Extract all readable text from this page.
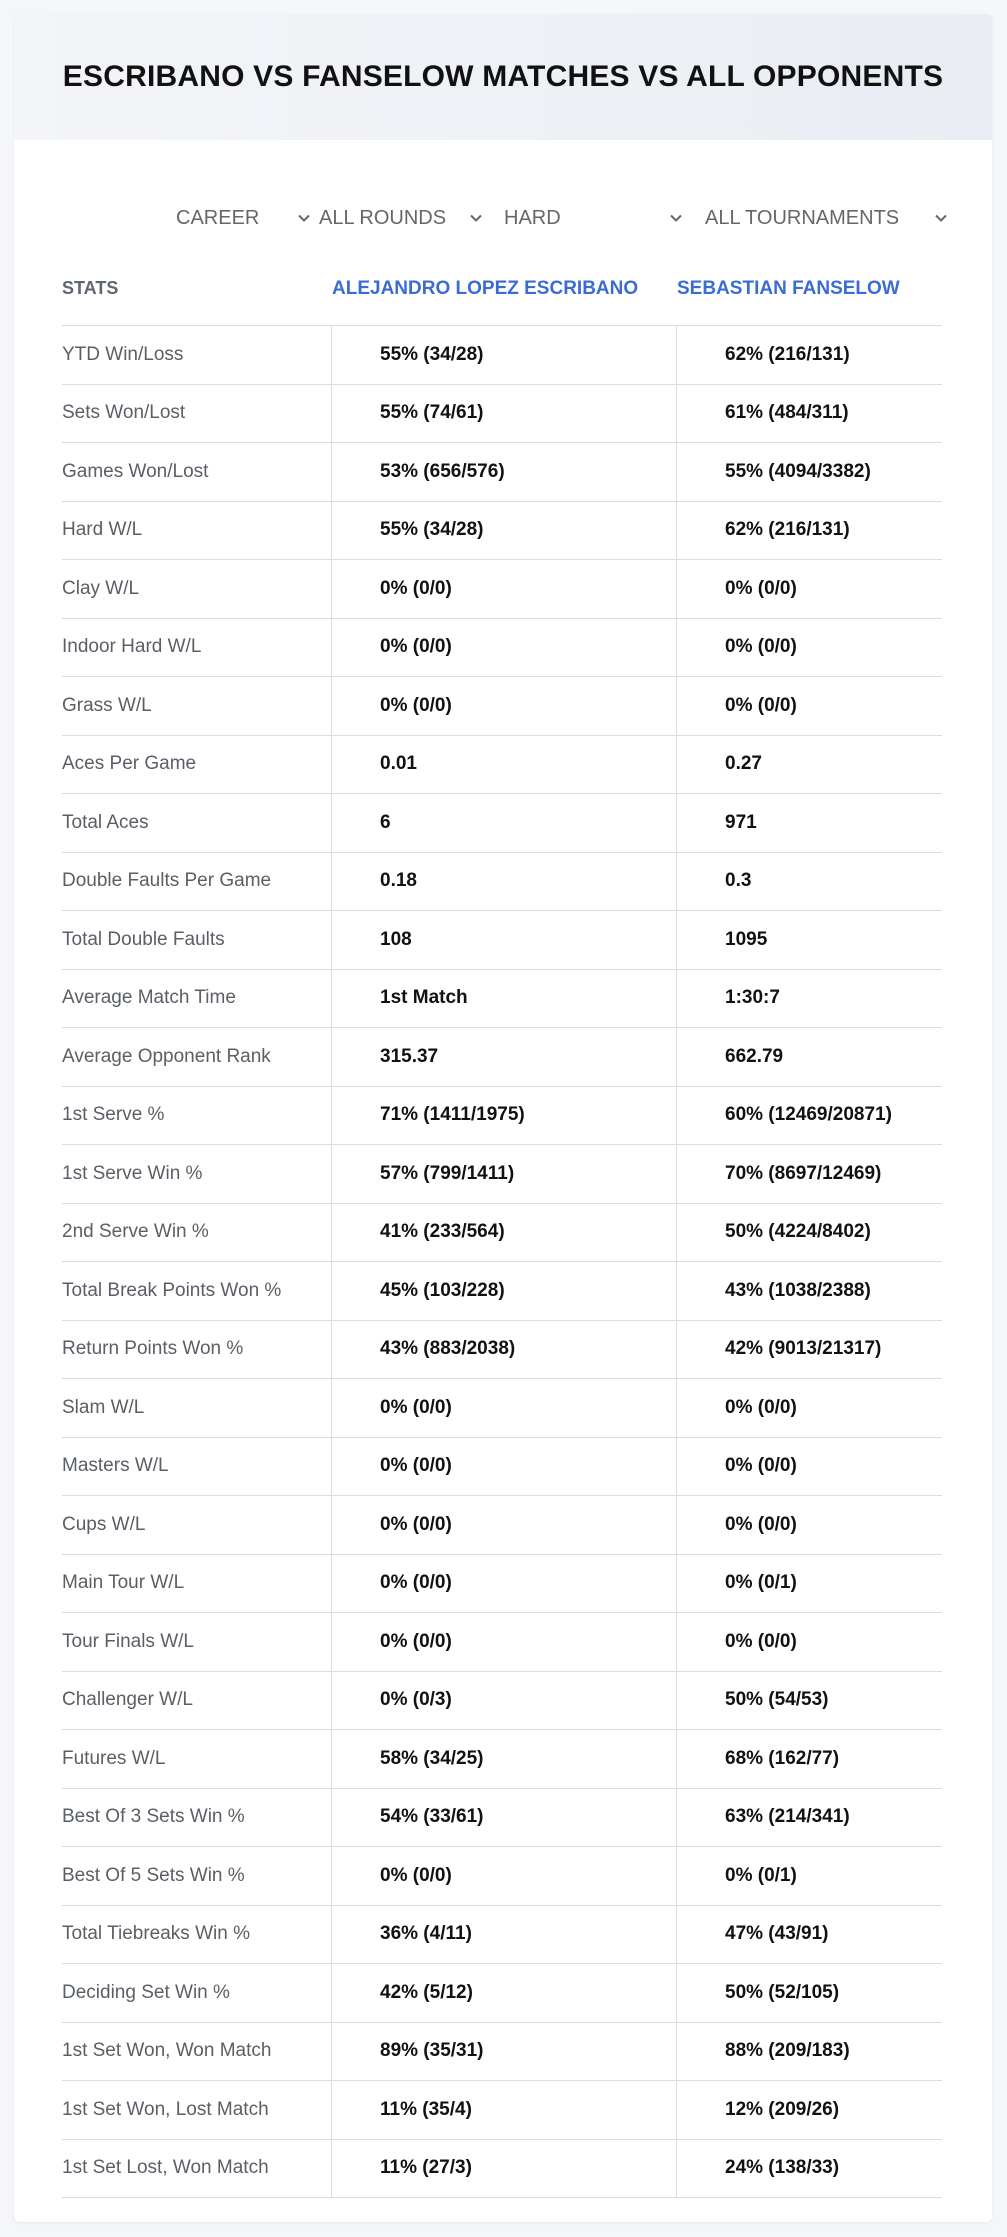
ESCRIBANO VS FANSELOW MATCHES VS ALL OPPONENTS
CAREER	ALL ROUNDS	HARD	ALL TOURNAMENTS
STATS	ALEJANDRO LOPEZ ESCRIBANO	SEBASTIAN FANSELOW
YTD Win/Loss	55% (34/28)	62% (216/131)
Sets Won/Lost	55% (74/61)	61% (484/311)
Games Won/Lost	53% (656/576)	55% (4094/3382)
Hard W/L	55% (34/28)	62% (216/131)
Clay W/L	0% (0/0)	0% (0/0)
Indoor Hard W/L	0% (0/0)	0% (0/0)
Grass W/L	0% (0/0)	0% (0/0)
Aces Per Game	0.01	0.27
Total Aces	6	971
Double Faults Per Game	0.18	0.3
Total Double Faults	108	1095
Average Match Time	1st Match	1:30:7
Average Opponent Rank	315.37	662.79
1st Serve %	71% (1411/1975)	60% (12469/20871)
1st Serve Win %	57% (799/1411)	70% (8697/12469)
2nd Serve Win %	41% (233/564)	50% (4224/8402)
Total Break Points Won %	45% (103/228)	43% (1038/2388)
Return Points Won %	43% (883/2038)	42% (9013/21317)
Slam W/L	0% (0/0)	0% (0/0)
Masters W/L	0% (0/0)	0% (0/0)
Cups W/L	0% (0/0)	0% (0/0)
Main Tour W/L	0% (0/0)	0% (0/1)
Tour Finals W/L	0% (0/0)	0% (0/0)
Challenger W/L	0% (0/3)	50% (54/53)
Futures W/L	58% (34/25)	68% (162/77)
Best Of 3 Sets Win %	54% (33/61)	63% (214/341)
Best Of 5 Sets Win %	0% (0/0)	0% (0/1)
Total Tiebreaks Win %	36% (4/11)	47% (43/91)
Deciding Set Win %	42% (5/12)	50% (52/105)
1st Set Won, Won Match	89% (35/31)	88% (209/183)
1st Set Won, Lost Match	11% (35/4)	12% (209/26)
1st Set Lost, Won Match	11% (27/3)	24% (138/33)
